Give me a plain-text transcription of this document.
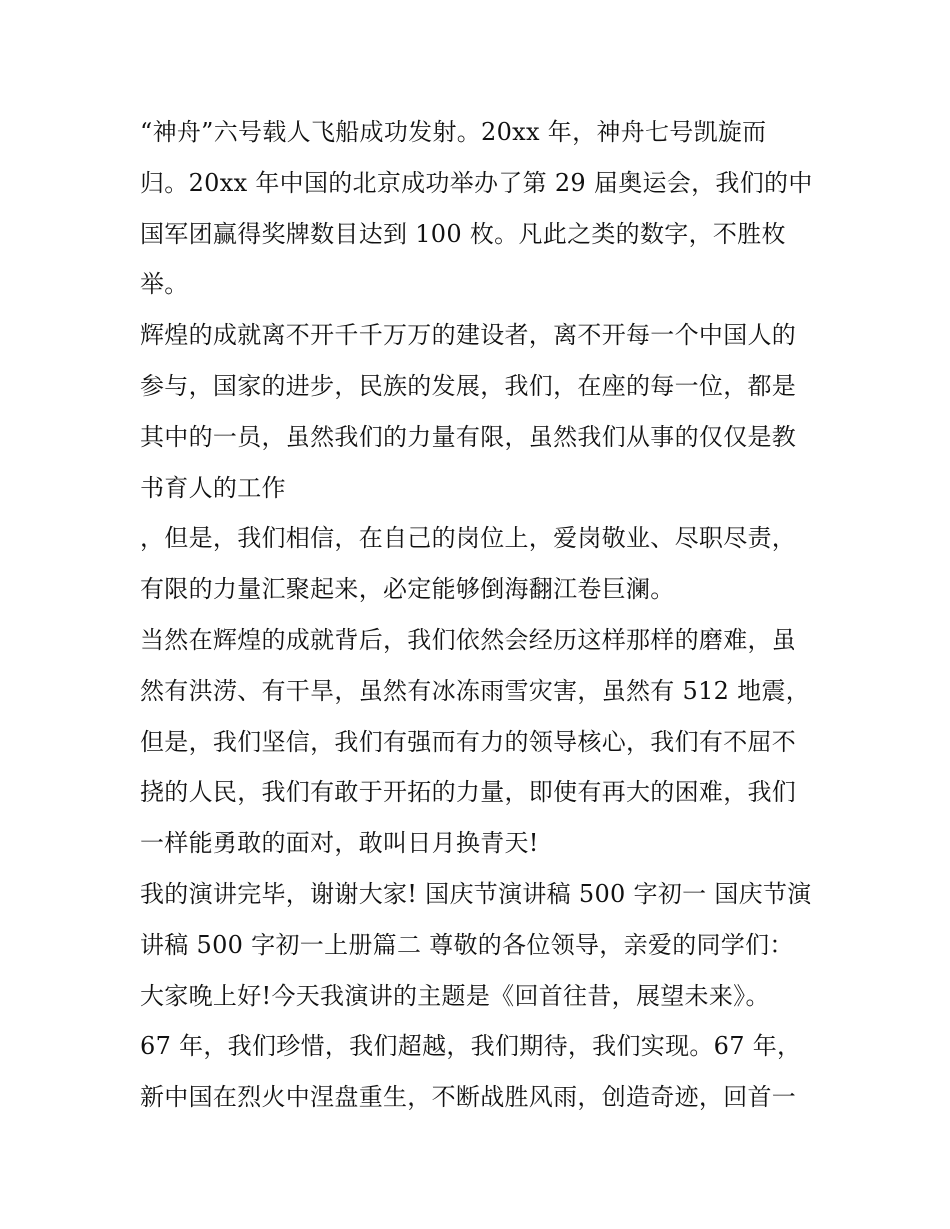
“神舟”六号载人飞船成功发射。20xx 年，神舟七号凯旋而
归。20xx 年中国的北京成功举办了第 29 届奥运会，我们的中
国军团赢得奖牌数目达到 100 枚。凡此之类的数字，不胜枚
举。
辉煌的成就离不开千千万万的建设者，离不开每一个中国人的
参与，国家的进步，民族的发展，我们，在座的每一位，都是
其中的一员，虽然我们的力量有限，虽然我们从事的仅仅是教
书育人的工作
，但是，我们相信，在自己的岗位上，爱岗敬业、尽职尽责，
有限的力量汇聚起来，必定能够倒海翻江卷巨澜。
当然在辉煌的成就背后，我们依然会经历这样那样的磨难，虽
然有洪涝、有干旱，虽然有冰冻雨雪灾害，虽然有 512 地震，
但是，我们坚信，我们有强而有力的领导核心，我们有不屈不
挠的人民，我们有敢于开拓的力量，即使有再大的困难，我们
一样能勇敢的面对，敢叫日月换青天!
我的演讲完毕，谢谢大家! 国庆节演讲稿 500 字初一 国庆节演
讲稿 500 字初一上册篇二 尊敬的各位领导，亲爱的同学们：
大家晚上好!今天我演讲的主题是《回首往昔，展望未来》。
67 年，我们珍惜，我们超越，我们期待，我们实现。67 年，
新中国在烈火中涅盘重生，不断战胜风雨，创造奇迹，回首一
